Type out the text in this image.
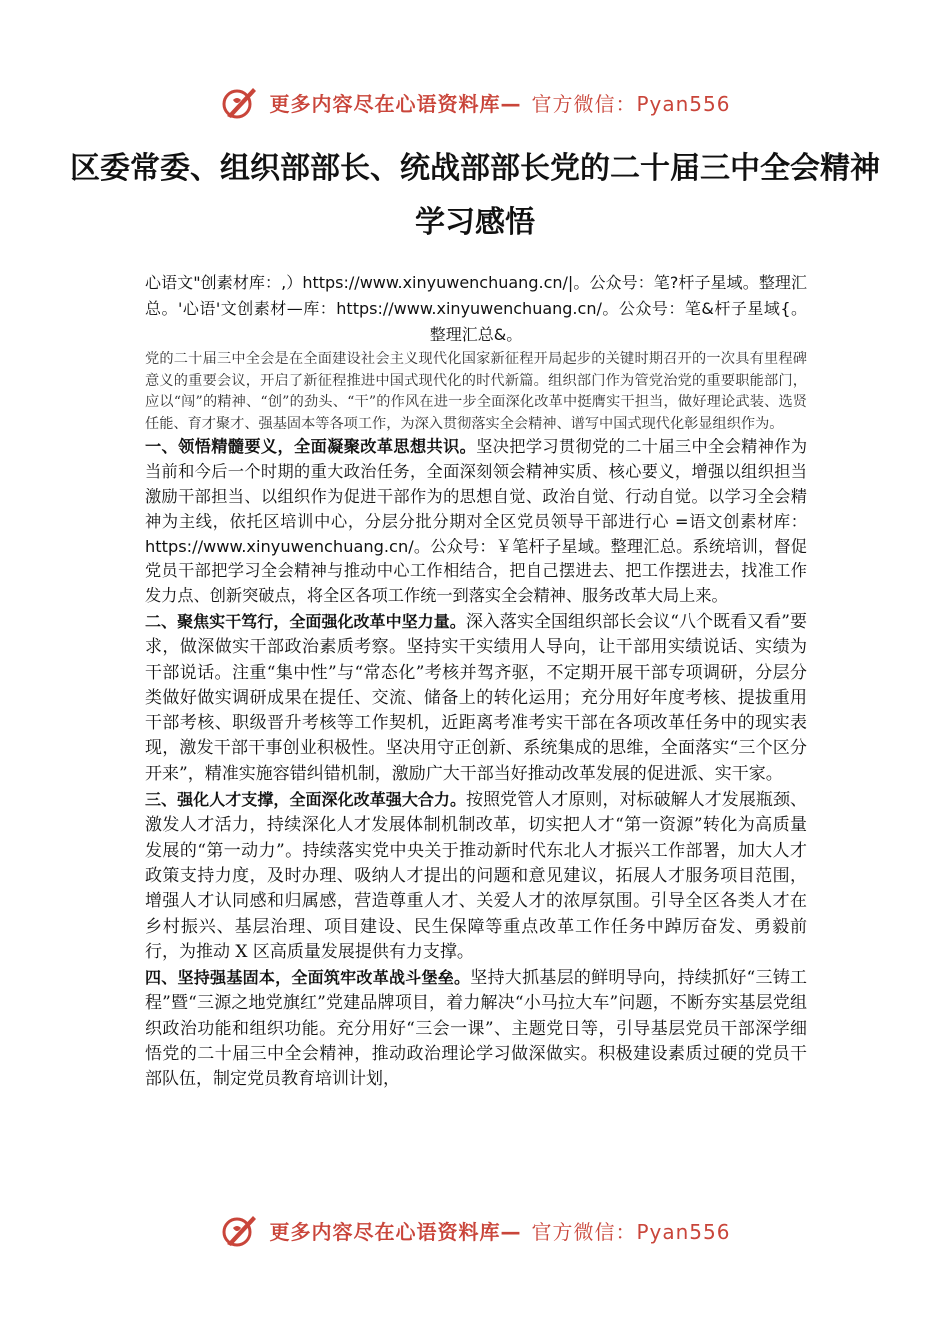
更多内容尽在心语资料库— 官方微信：Pyan556
区委常委、组织部部长、统战部部长党的二十届三中全会精神学习感悟

心语文"创素材库：,）https://www.xinyuwenchuang.cn/|。公众号：笔?杆子星域。整理汇总。'心语'文创素材—库：https://www.xinyuwenchuang.cn/。公众号：笔&杆子星域{。整理汇总&。

党的二十届三中全会是在全面建设社会主义现代化国家新征程开局起步的关键时期召开的一次具有里程碑意义的重要会议，开启了新征程推进中国式现代化的时代新篇。组织部门作为管党治党的重要职能部门，应以“闯”的精神、“创”的劲头、“干”的作风在进一步全面深化改革中挺膺实干担当，做好理论武装、选贤任能、育才聚才、强基固本等各项工作，为深入贯彻落实全会精神、谱写中国式现代化彰显组织作为。

一、领悟精髓要义，全面凝聚改革思想共识。坚决把学习贯彻党的二十届三中全会精神作为当前和今后一个时期的重大政治任务，全面深刻领会精神实质、核心要义，增强以组织担当激励干部担当、以组织作为促进干部作为的思想自觉、政治自觉、行动自觉。以学习全会精神为主线，依托区培训中心，分层分批分期对全区党员领导干部进行心 =语文创素材库：https://www.xinyuwenchuang.cn/。公众号：￥笔杆子星域。整理汇总。系统培训，督促党员干部把学习全会精神与推动中心工作相结合，把自己摆进去、把工作摆进去，找准工作发力点、创新突破点，将全区各项工作统一到落实全会精神、服务改革大局上来。

二、聚焦实干笃行，全面强化改革中坚力量。深入落实全国组织部长会议“八个既看又看”要求，做深做实干部政治素质考察。坚持实干实绩用人导向，让干部用实绩说话、实绩为干部说话。注重“集中性”与“常态化”考核并驾齐驱，不定期开展干部专项调研，分层分类做好做实调研成果在提任、交流、储备上的转化运用；充分用好年度考核、提拔重用干部考核、职级晋升考核等工作契机，近距离考准考实干部在各项改革任务中的现实表现，激发干部干事创业积极性。坚决用守正创新、系统集成的思维，全面落实“三个区分开来”，精准实施容错纠错机制，激励广大干部当好推动改革发展的促进派、实干家。

三、强化人才支撑，全面深化改革强大合力。按照党管人才原则，对标破解人才发展瓶颈、激发人才活力，持续深化人才发展体制机制改革，切实把人才“第一资源”转化为高质量发展的“第一动力”。持续落实党中央关于推动新时代东北人才振兴工作部署，加大人才政策支持力度，及时办理、吸纳人才提出的问题和意见建议，拓展人才服务项目范围，增强人才认同感和归属感，营造尊重人才、关爱人才的浓厚氛围。引导全区各类人才在乡村振兴、基层治理、项目建设、民生保障等重点改革工作任务中踔厉奋发、勇毅前行，为推动 X 区高质量发展提供有力支撑。

四、坚持强基固本，全面筑牢改革战斗堡垒。坚持大抓基层的鲜明导向，持续抓好“三铸工程”暨“三源之地党旗红”党建品牌项目，着力解决“小马拉大车”问题，不断夯实基层党组织政治功能和组织功能。充分用好“三会一课”、主题党日等，引导基层党员干部深学细悟党的二十届三中全会精神，推动政治理论学习做深做实。积极建设素质过硬的党员干部队伍，制定党员教育培训计划，

更多内容尽在心语资料库— 官方微信：Pyan556
